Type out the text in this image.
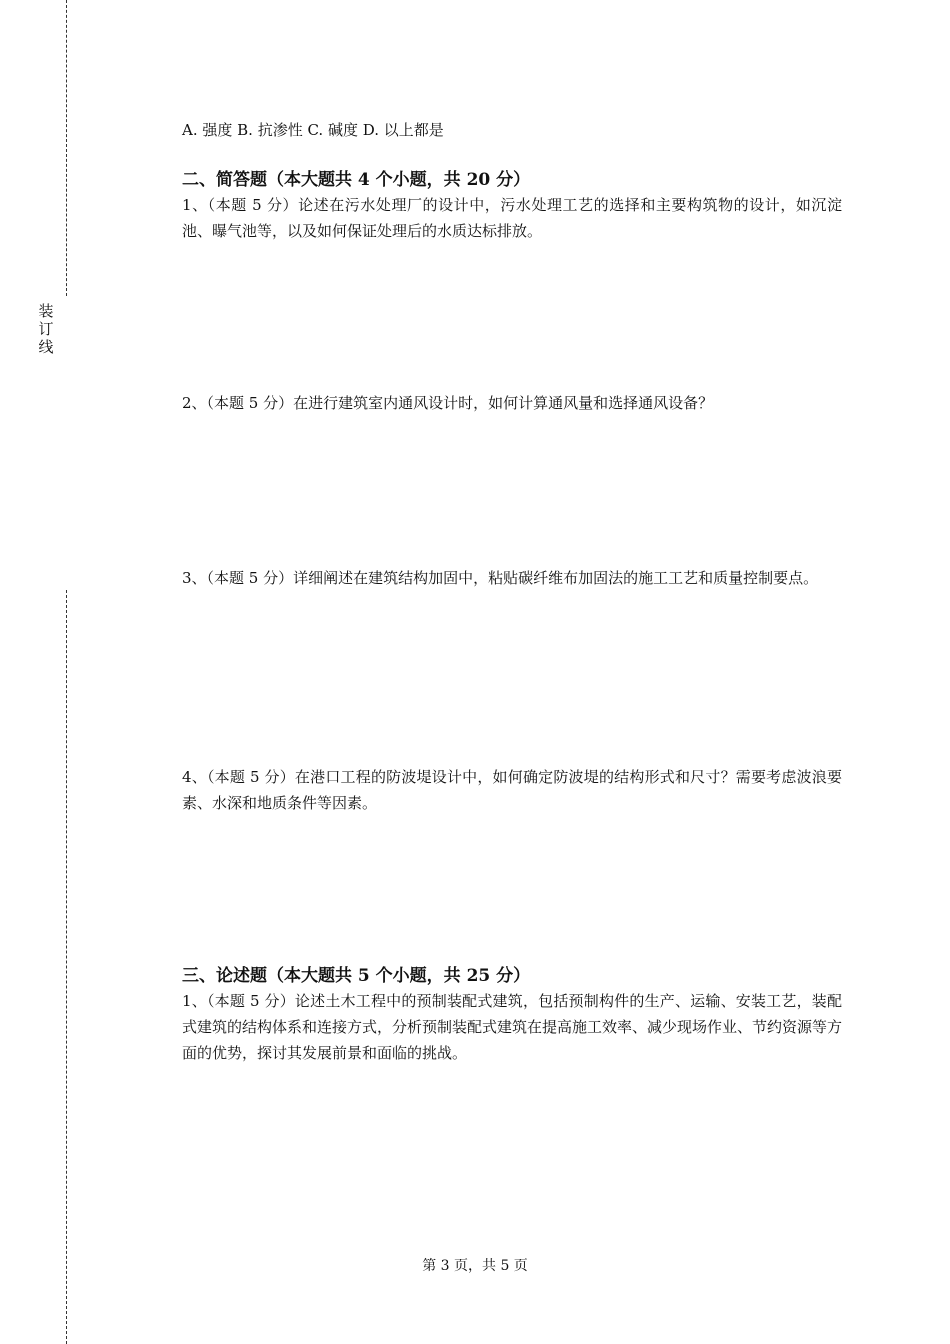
装
订
线

A. 强度 B. 抗渗性 C. 碱度 D. 以上都是

二、简答题（本大题共 4 个小题，共 20 分）

1、（本题 5 分）论述在污水处理厂的设计中，污水处理工艺的选择和主要构筑物的设计，如沉淀池、曝气池等，以及如何保证处理后的水质达标排放。

2、（本题 5 分）在进行建筑室内通风设计时，如何计算通风量和选择通风设备？

3、（本题 5 分）详细阐述在建筑结构加固中，粘贴碳纤维布加固法的施工工艺和质量控制要点。

4、（本题 5 分）在港口工程的防波堤设计中，如何确定防波堤的结构形式和尺寸？需要考虑波浪要素、水深和地质条件等因素。

三、论述题（本大题共 5 个小题，共 25 分）

1、（本题 5 分）论述土木工程中的预制装配式建筑，包括预制构件的生产、运输、安装工艺，装配式建筑的结构体系和连接方式，分析预制装配式建筑在提高施工效率、减少现场作业、节约资源等方面的优势，探讨其发展前景和面临的挑战。

第 3 页，共 5 页
